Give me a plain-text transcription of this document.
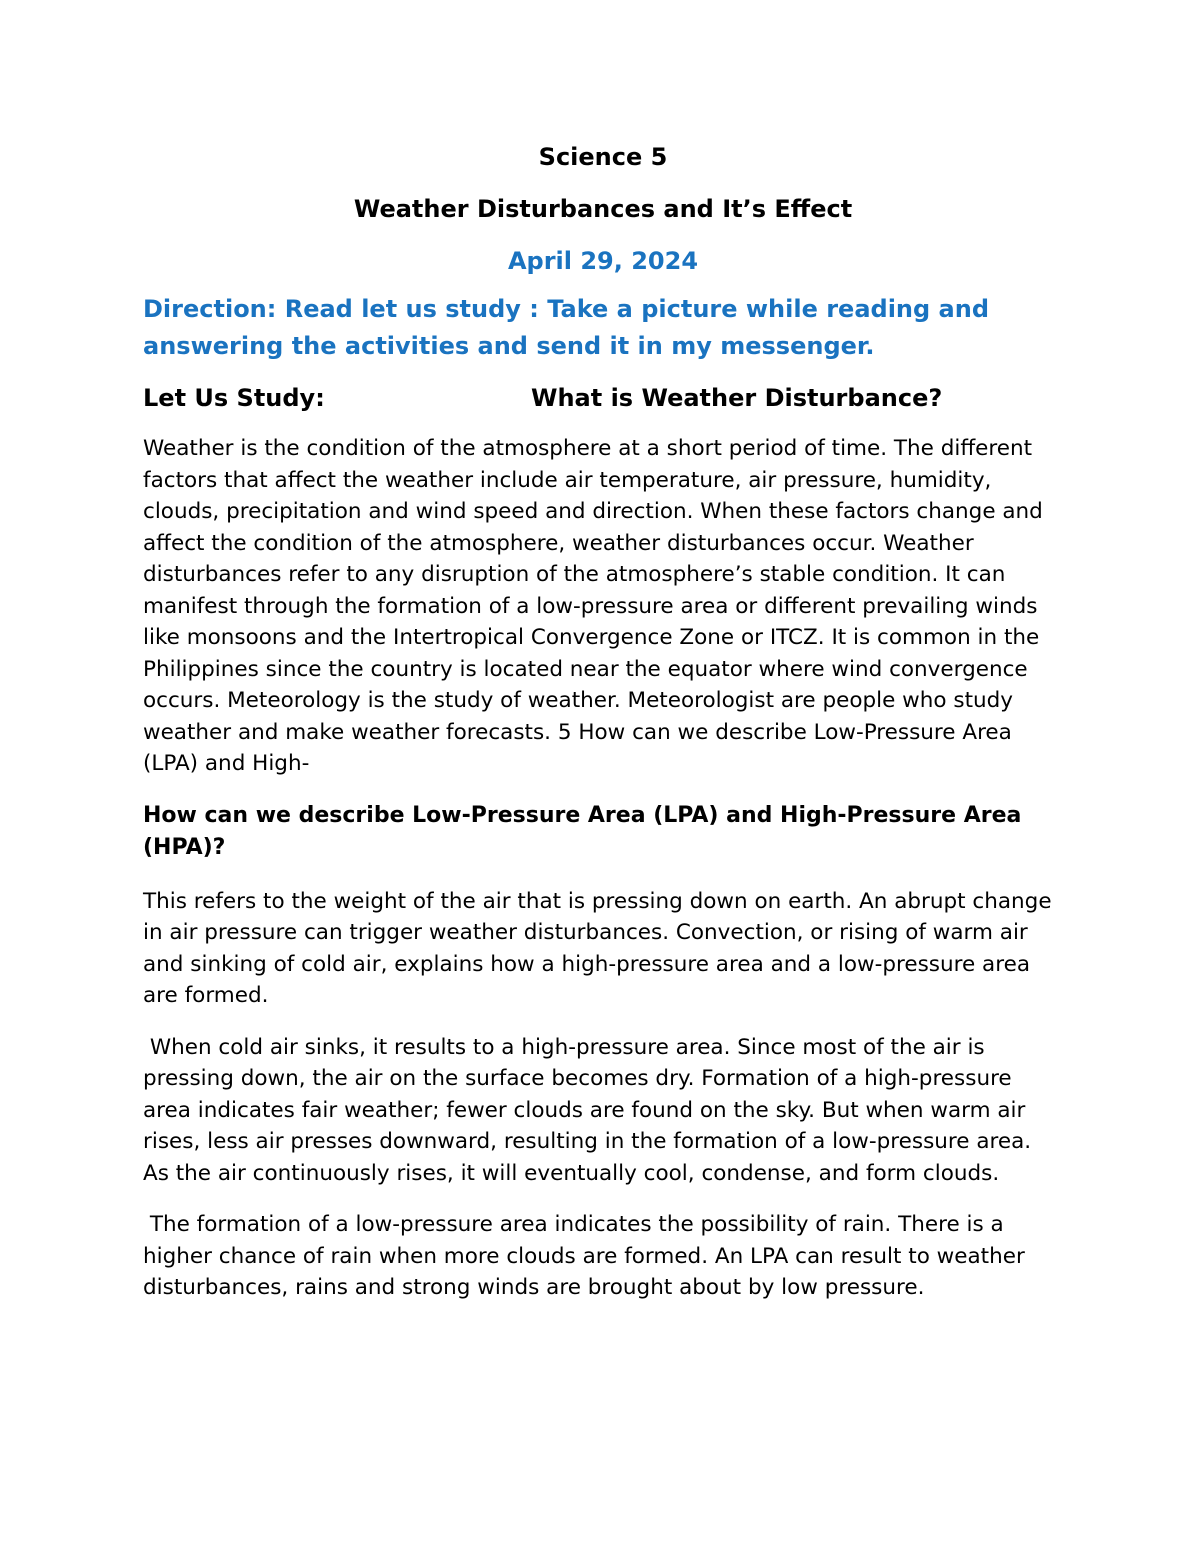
Science 5

Weather Disturbances and It’s Effect

April 29, 2024

Direction: Read let us study : Take a picture while reading and answering the activities and send it in my messenger.

Let Us Study:	What is Weather Disturbance?

Weather is the condition of the atmosphere at a short period of time. The different factors that affect the weather include air temperature, air pressure, humidity, clouds, precipitation and wind speed and direction. When these factors change and affect the condition of the atmosphere, weather disturbances occur. Weather disturbances refer to any disruption of the atmosphere’s stable condition. It can manifest through the formation of a low-pressure area or different prevailing winds like monsoons and the Intertropical Convergence Zone or ITCZ. It is common in the Philippines since the country is located near the equator where wind convergence occurs. Meteorology is the study of weather. Meteorologist are people who study weather and make weather forecasts. 5 How can we describe Low-Pressure Area (LPA) and High-

How can we describe Low-Pressure Area (LPA) and High-Pressure Area (HPA)?

This refers to the weight of the air that is pressing down on earth. An abrupt change in air pressure can trigger weather disturbances. Convection, or rising of warm air and sinking of cold air, explains how a high-pressure area and a low-pressure area are formed.

When cold air sinks, it results to a high-pressure area. Since most of the air is pressing down, the air on the surface becomes dry. Formation of a high-pressure area indicates fair weather; fewer clouds are found on the sky. But when warm air rises, less air presses downward, resulting in the formation of a low-pressure area. As the air continuously rises, it will eventually cool, condense, and form clouds.

The formation of a low-pressure area indicates the possibility of rain. There is a higher chance of rain when more clouds are formed. An LPA can result to weather disturbances, rains and strong winds are brought about by low pressure.
